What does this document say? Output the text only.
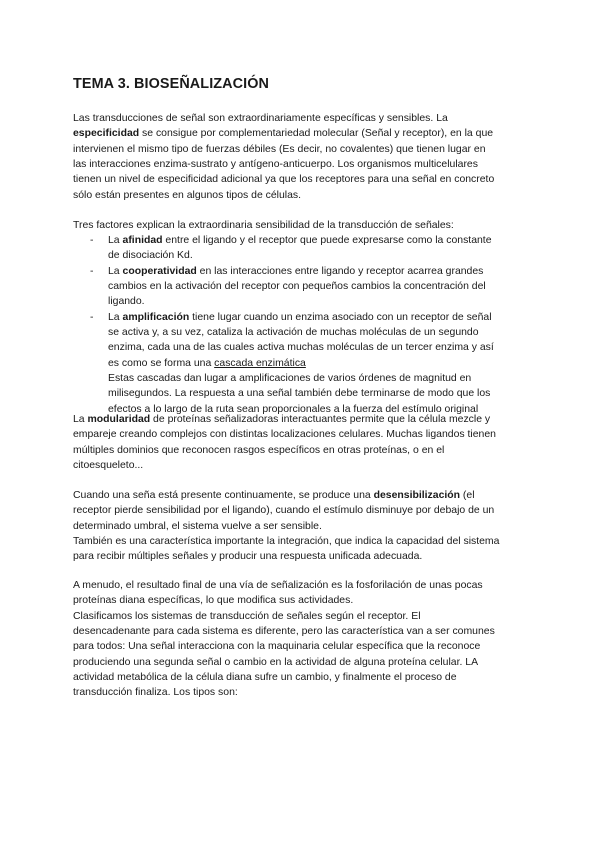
TEMA 3. BIOSEÑALIZACIÓN
Las transducciones de señal son extraordinariamente específicas y sensibles. La
especificidad se consigue por complementariedad molecular (Señal y receptor), en la que
intervienen el mismo tipo de fuerzas débiles (Es decir, no covalentes) que tienen lugar en
las interacciones enzima-sustrato y antígeno-anticuerpo. Los organismos multicelulares
tienen un nivel de especificidad adicional ya que los receptores para una señal en concreto
sólo están presentes en algunos tipos de células.
Tres factores explican la extraordinaria sensibilidad de la transducción de señales:
- La afinidad entre el ligando y el receptor que puede expresarse como la constante
de disociación Kd.
- La cooperatividad en las interacciones entre ligando y receptor acarrea grandes
cambios en la activación del receptor con pequeños cambios la concentración del
ligando.
- La amplificación tiene lugar cuando un enzima asociado con un receptor de señal
se activa y, a su vez, cataliza la activación de muchas moléculas de un segundo
enzima, cada una de las cuales activa muchas moléculas de un tercer enzima y así
es como se forma una cascada enzimática
Estas cascadas dan lugar a amplificaciones de varios órdenes de magnitud en
milisegundos. La respuesta a una señal también debe terminarse de modo que los
efectos a lo largo de la ruta sean proporcionales a la fuerza del estímulo original
La modularidad de proteínas señalizadoras interactuantes permite que la célula mezcle y
empareje creando complejos con distintas localizaciones celulares. Muchas ligandos tienen
múltiples dominios que reconocen rasgos específicos en otras proteínas, o en el
citoesqueleto...
Cuando una seña está presente continuamente, se produce una desensibilización (el
receptor pierde sensibilidad por el ligando), cuando el estímulo disminuye por debajo de un
determinado umbral, el sistema vuelve a ser sensible.
También es una característica importante la integración, que indica la capacidad del sistema
para recibir múltiples señales y producir una respuesta unificada adecuada.
A menudo, el resultado final de una vía de señalización es la fosforilación de unas pocas
proteínas diana específicas, lo que modifica sus actividades.
Clasificamos los sistemas de transducción de señales según el receptor. El
desencadenante para cada sistema es diferente, pero las característica van a ser comunes
para todos: Una señal interacciona con la maquinaria celular específica que la reconoce
produciendo una segunda señal o cambio en la actividad de alguna proteína celular. LA
actividad metabólica de la célula diana sufre un cambio, y finalmente el proceso de
transducción finaliza. Los tipos son:
